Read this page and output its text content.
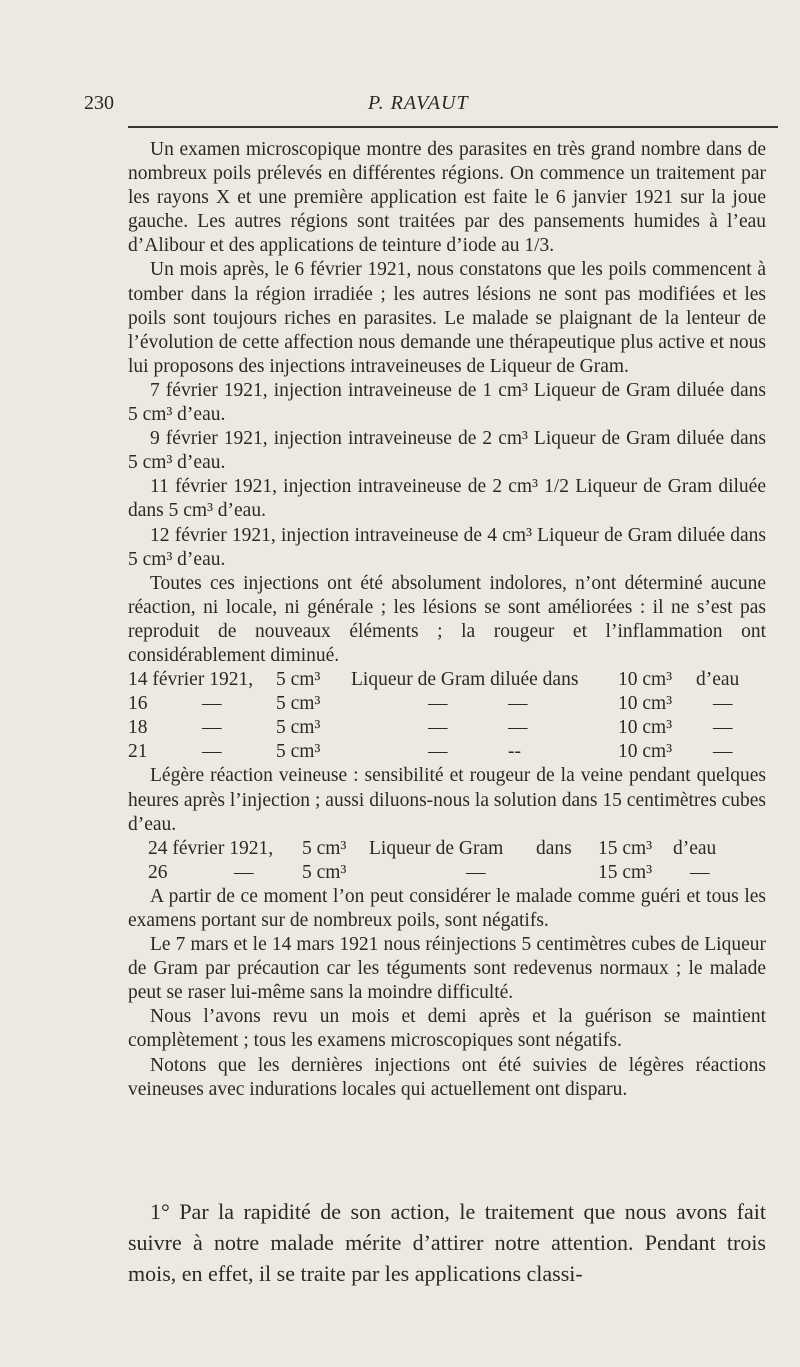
230	P. RAVAUT

Un examen microscopique montre des parasites en très grand nombre dans de nombreux poils prélevés en différentes régions. On commence un traitement par les rayons X et une première application est faite le 6 janvier 1921 sur la joue gauche. Les autres régions sont traitées par des pansements humides à l’eau d’Alibour et des applications de teinture d’iode au 1/3.

Un mois après, le 6 février 1921, nous constatons que les poils commencent à tomber dans la région irradiée ; les autres lésions ne sont pas modifiées et les poils sont toujours riches en parasites. Le malade se plaignant de la lenteur de l’évolution de cette affection nous demande une thérapeutique plus active et nous lui proposons des injections intraveineuses de Liqueur de Gram.

7 février 1921, injection intraveineuse de 1 cm³ Liqueur de Gram diluée dans 5 cm³ d’eau.

9 février 1921, injection intraveineuse de 2 cm³ Liqueur de Gram diluée dans 5 cm³ d’eau.

11 février 1921, injection intraveineuse de 2 cm³ 1/2 Liqueur de Gram diluée dans 5 cm³ d’eau.

12 février 1921, injection intraveineuse de 4 cm³ Liqueur de Gram diluée dans 5 cm³ d’eau.

Toutes ces injections ont été absolument indolores, n’ont déterminé aucune réaction, ni locale, ni générale ; les lésions se sont améliorées : il ne s’est pas reproduit de nouveaux éléments ; la rougeur et l’inflammation ont considérablement diminué.

14 février 1921, 5 cm³ Liqueur de Gram diluée dans 10 cm³ d’eau
16	—	5 cm³	—	—	10 cm³ —
18	—	5 cm³	—	—	10 cm³ —
21	—	5 cm³	—	--	10 cm³ —

Légère réaction veineuse : sensibilité et rougeur de la veine pendant quelques heures après l’injection ; aussi diluons-nous la solution dans 15 centimètres cubes d’eau.

24 février 1921, 5 cm³ Liqueur de Gram dans 15 cm³ d’eau
26	— 5 cm³	—	15 cm³ —

A partir de ce moment l’on peut considérer le malade comme guéri et tous les examens portant sur de nombreux poils, sont négatifs.

Le 7 mars et le 14 mars 1921 nous réinjections 5 centimètres cubes de Liqueur de Gram par précaution car les téguments sont redevenus normaux ; le malade peut se raser lui-même sans la moindre difficulté.

Nous l’avons revu un mois et demi après et la guérison se maintient complètement ; tous les examens microscopiques sont négatifs.

Notons que les dernières injections ont été suivies de légères réactions veineuses avec indurations locales qui actuellement ont disparu.

1° Par la rapidité de son action, le traitement que nous avons fait suivre à notre malade mérite d’attirer notre attention. Pendant trois mois, en effet, il se traite par les applications classi-
